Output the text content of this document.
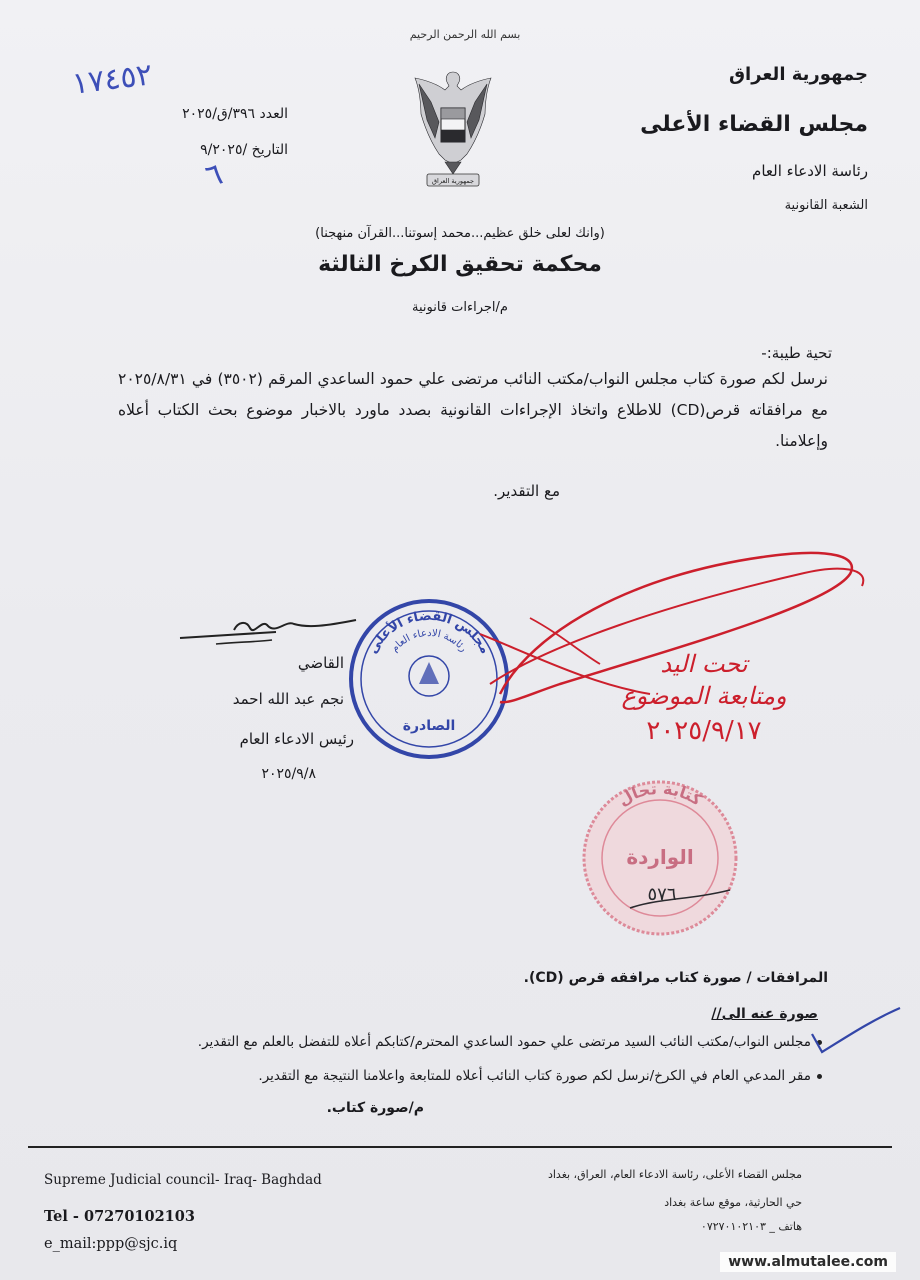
بسم الله الرحمن الرحيم
جمهورية العراق
جمهورية العراق
مجلس القضاء الأعلى
رئاسة الادعاء العام
الشعبة القانونية
١٧٤٥٢
العدد ٣٩٦/ق/٢٠٢٥
التاريخ /٩/٢٠٢٥
٦
(وانك لعلى خلق عظيم...محمد إسوتنا...القرآن منهجنا)
محكمة تحقيق الكرخ الثالثة
م/اجراءات قانونية
تحية طيبة:-
نرسل لكم صورة كتاب مجلس النواب/مكتب النائب مرتضى علي حمود الساعدي المرقم (٣٥٠٢) في ٢٠٢٥/٨/٣١ مع مرافقاته قرص(CD) للاطلاع واتخاذ الإجراءات القانونية بصدد ماورد بالاخبار موضوع بحث الكتاب أعلاه وإعلامنا.
مع التقدير.
القاضي
نجم عبد الله احمد
رئيس الادعاء العام
٢٠٢٥/٩/٨
مجلس القضاء الأعلى
رئاسة الادعاء العام
الصادرة
تحت اليد
ومتابعة الموضوع
٢٠٢٥/٩/١٧
كتابة تحال
الواردة
٥٧٦
المرافقات / صورة كتاب مرافقه قرص (CD).
صورة عنه الى//
مجلس النواب/مكتب النائب السيد مرتضى علي حمود الساعدي المحترم/كتابكم أعلاه للتفضل بالعلم مع التقدير.
مقر المدعي العام في الكرخ/نرسل لكم صورة كتاب النائب أعلاه للمتابعة واعلامنا النتيجة مع التقدير.
م/صورة كتاب.
Supreme Judicial council- Iraq- Baghdad
Tel - 07270102103
e_mail:ppp@sjc.iq
مجلس القضاء الأعلى، رئاسة الادعاء العام، العراق، بغداد
حي الحارثية، موقع ساعة بغداد
هاتف _ ٠٧٢٧٠١٠٢١٠٣
www.almutalee.com
